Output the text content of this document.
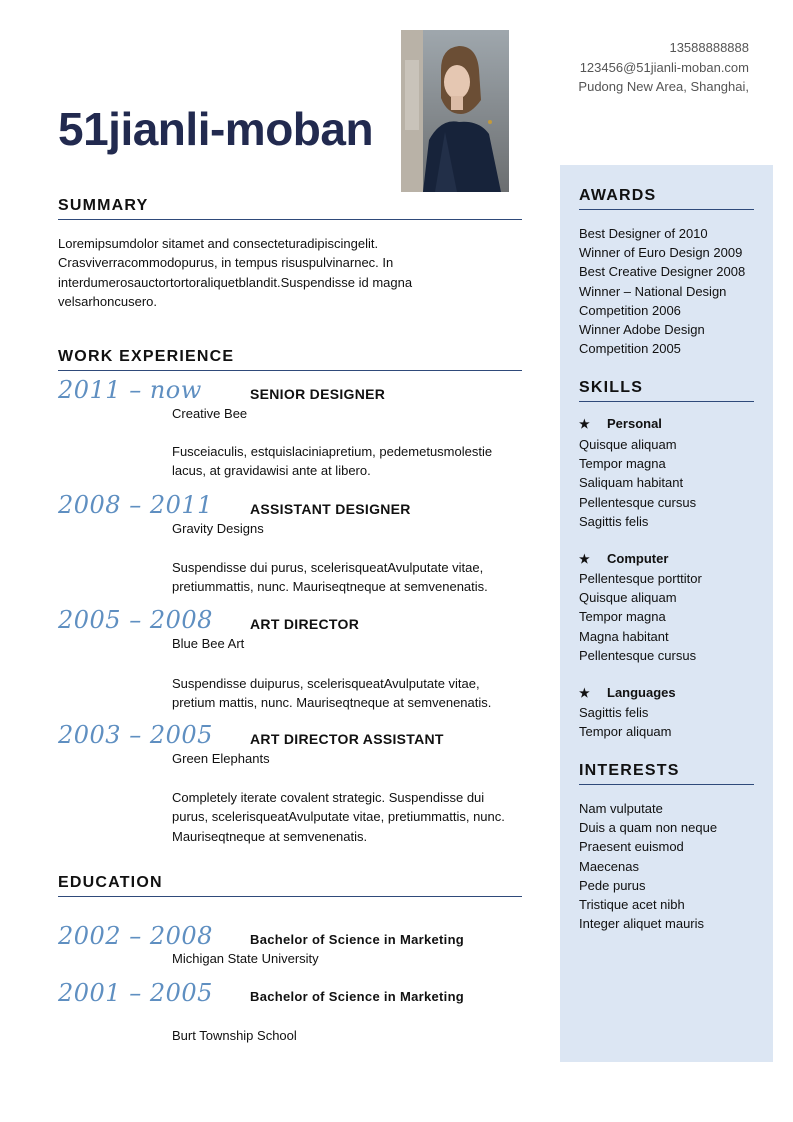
51jianli-moban
13588888888
123456@51jianli-moban.com
Pudong New Area, Shanghai,
SUMMARY
Loremipsumdolor sitamet and consecteturadipiscingelit. Crasviverracommodopurus, in tempus risuspulvinarnec. In interdumerosauctortortoraliquetblandit.Suspendisse id magna velsarhoncusero.
WORK EXPERIENCE
2011 – now	SENIOR DESIGNER
Creative Bee
Fusceiaculis, estquislaciniapretium, pedemetusmolestie lacus, at gravidawisi ante at libero.
2008 – 2011	ASSISTANT DESIGNER
Gravity Designs
Suspendisse dui purus, scelerisqueatAvulputate vitae, pretiummattis, nunc. Mauriseqtneque at semvenenatis.
2005 – 2008	ART DIRECTOR
Blue Bee Art
Suspendisse duipurus, scelerisqueatAvulputate vitae, pretium mattis, nunc. Mauriseqtneque at semvenenatis.
2003 – 2005	ART DIRECTOR ASSISTANT
Green Elephants
Completely iterate covalent strategic. Suspendisse dui purus, scelerisqueatAvulputate vitae, pretiummattis, nunc. Mauriseqtneque at semvenenatis.
EDUCATION
2002 – 2008	Bachelor of Science in Marketing
Michigan State University
2001 – 2005	Bachelor of Science in Marketing
Burt Township School
AWARDS
Best Designer of 2010
Winner of Euro Design 2009
Best Creative Designer 2008
Winner – National Design
Competition 2006
Winner Adobe Design
Competition 2005
SKILLS
★ Personal
Quisque aliquam
Tempor magna
Saliquam habitant
Pellentesque cursus
Sagittis felis
★ Computer
Pellentesque porttitor
Quisque aliquam
Tempor magna
Magna habitant
Pellentesque cursus
★ Languages
Sagittis felis
Tempor aliquam
INTERESTS
Nam vulputate
Duis a quam non neque
Praesent euismod
Maecenas
Pede purus
Tristique acet nibh
Integer aliquet mauris
